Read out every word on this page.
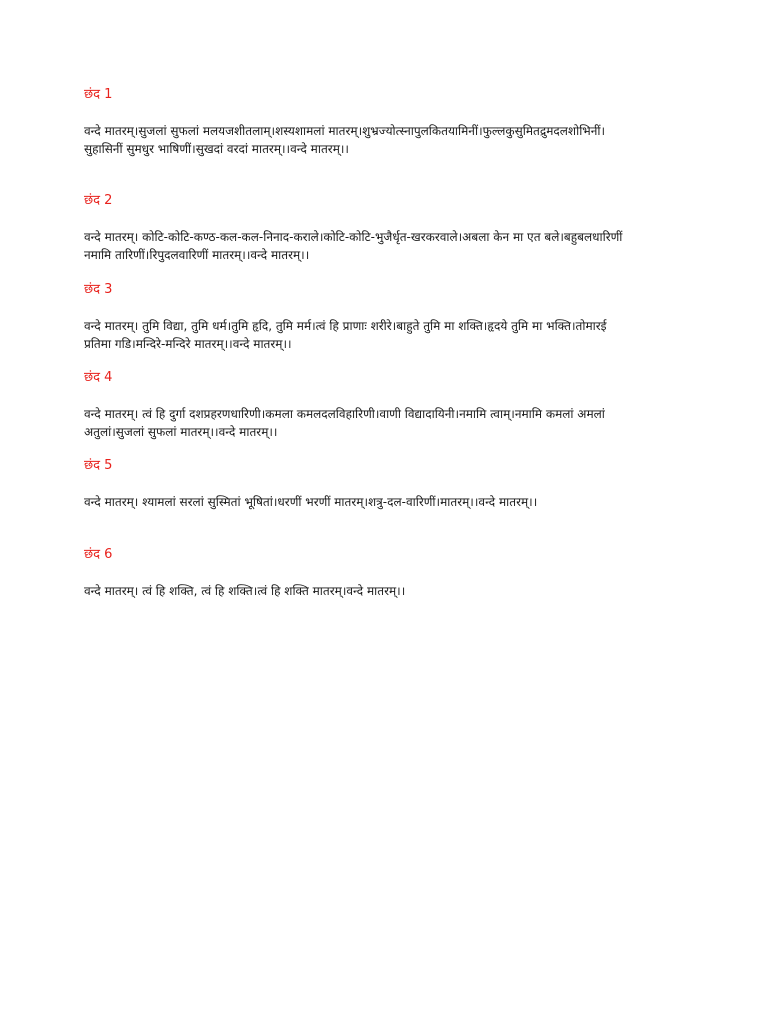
छंद 1

वन्दे मातरम्।सुजलां सुफलां मलयजशीतलाम्।शस्यशामलां मातरम्।शुभ्रज्योत्स्नापुलकितयामिनीं।फुल्लकुसुमितद्रुमदलशोभिनीं।सुहासिनीं सुमधुर भाषिणीं।सुखदां वरदां मातरम्।।वन्दे मातरम्।।

छंद 2

वन्दे मातरम्। कोटि-कोटि-कण्ठ-कल-कल-निनाद-कराले।कोटि-कोटि-भुजैर्धृत-खरकरवाले।अबला केन मा एत बले।बहुबलधारिणीं नमामि तारिणीं।रिपुदलवारिणीं मातरम्।।वन्दे मातरम्।।

छंद 3

वन्दे मातरम्। तुमि विद्या, तुमि धर्म।तुमि हृदि, तुमि मर्म।त्वं हि प्राणाः शरीरे।बाहुते तुमि मा शक्ति।हृदये तुमि मा भक्ति।तोमारई प्रतिमा गडि।मन्दिरे-मन्दिरे मातरम्।।वन्दे मातरम्।।

छंद 4

वन्दे मातरम्। त्वं हि दुर्गा दशप्रहरणधारिणी।कमला कमलदलविहारिणी।वाणी विद्यादायिनी।नमामि त्वाम्।नमामि कमलां अमलां अतुलां।सुजलां सुफलां मातरम्।।वन्दे मातरम्।।

छंद 5

वन्दे मातरम्। श्यामलां सरलां सुस्मितां भूषितां।धरणीं भरणीं मातरम्।शत्रु-दल-वारिणीं।मातरम्।।वन्दे मातरम्।।

छंद 6

वन्दे मातरम्। त्वं हि शक्ति, त्वं हि शक्ति।त्वं हि शक्ति मातरम्।वन्दे मातरम्।।
